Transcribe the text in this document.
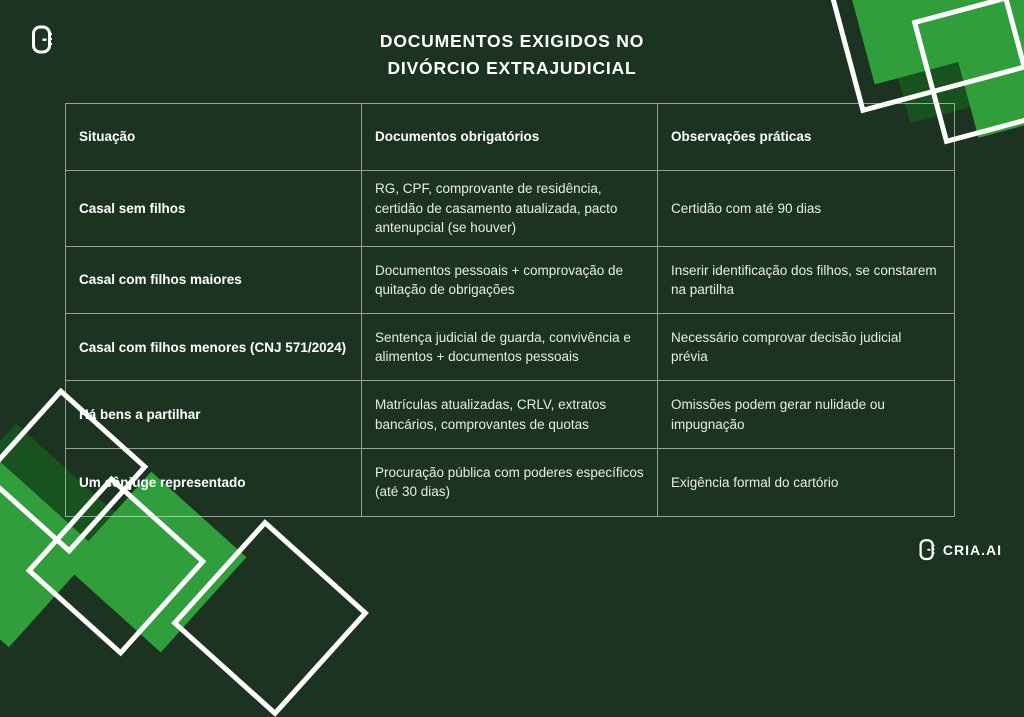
DOCUMENTOS EXIGIDOS NO
DIVÓRCIO EXTRAJUDICIAL
Situação	Documentos obrigatórios	Observações práticas
Casal sem filhos
RG, CPF, comprovante de residência, certidão de casamento atualizada, pacto antenupcial (se houver)
Certidão com até 90 dias
Casal com filhos maiores
Documentos pessoais + comprovação de quitação de obrigações
Inserir identificação dos filhos, se constarem na partilha
Casal com filhos menores (CNJ 571/2024)
Sentença judicial de guarda, convivência e alimentos + documentos pessoais
Necessário comprovar decisão judicial prévia
Há bens a partilhar
Matrículas atualizadas, CRLV, extratos bancários, comprovantes de quotas
Omissões podem gerar nulidade ou impugnação
Um cônjuge representado
Procuração pública com poderes específicos (até 30 dias)
Exigência formal do cartório
CRIA.AI
